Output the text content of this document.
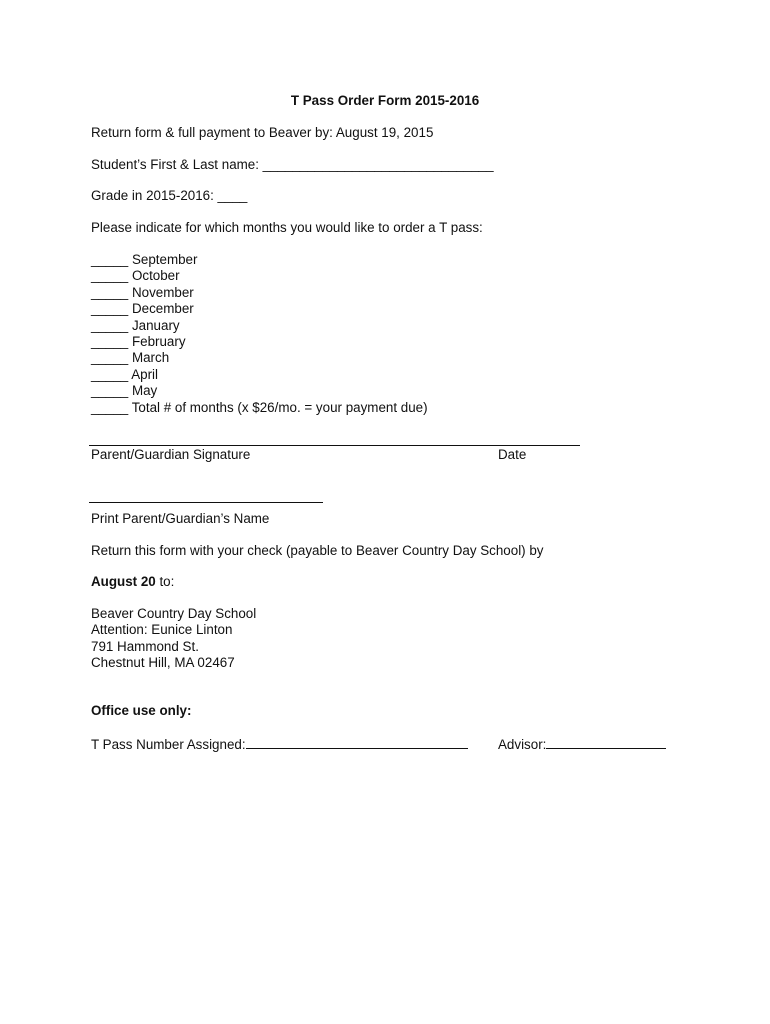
T Pass Order Form 2015-2016
Return form & full payment to Beaver by: August 19, 2015
Student’s First & Last name: _______________________________
Grade in 2015-2016: ____
Please indicate for which months you would like to order a T pass:
_____ September
_____ October
_____ November
_____ December
_____ January
_____ February
_____ March
_____ April
_____ May
_____ Total # of months (x $26/mo. = your payment due)
Parent/Guardian Signature	Date
Print Parent/Guardian’s Name
Return this form with your check (payable to Beaver Country Day School) by
August 20 to:
Beaver Country Day School
Attention: Eunice Linton
791 Hammond St.
Chestnut Hill, MA 02467
Office use only:
T Pass Number Assigned:	Advisor:
